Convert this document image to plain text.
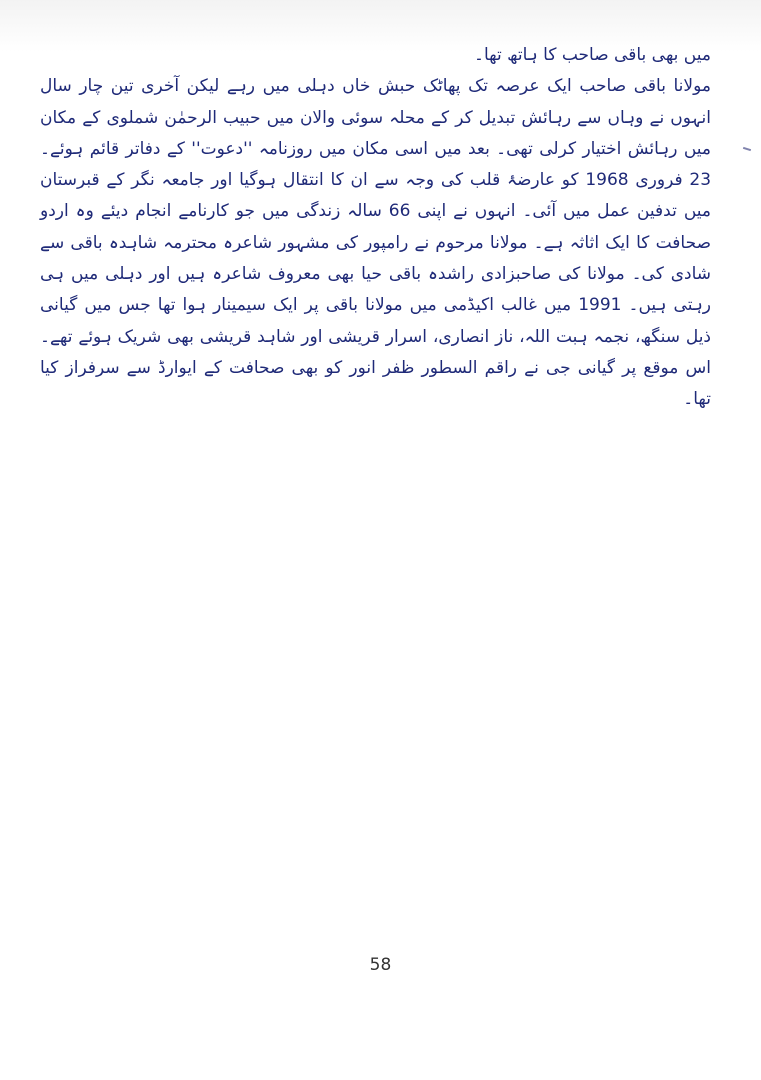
میں بھی باقی صاحب کا ہاتھ تھا۔

مولانا باقی صاحب ایک عرصہ تک پھاٹک حبش خاں دہلی میں رہے لیکن آخری تین چار سال انہوں نے وہاں سے رہائش تبدیل کر کے محلہ سوئی والان میں حبیب الرحمٰن شملوی کے مکان میں رہائش اختیار کرلی تھی۔ بعد میں اسی مکان میں روزنامہ ''دعوت'' کے دفاتر قائم ہوئے۔ 23 فروری 1968 کو عارضۂ قلب کی وجہ سے ان کا انتقال ہوگیا اور جامعہ نگر کے قبرستان میں تدفین عمل میں آئی۔ انہوں نے اپنی 66 سالہ زندگی میں جو کارنامے انجام دیئے وہ اردو صحافت کا ایک اثاثہ ہے۔ مولانا مرحوم نے رامپور کی مشہور شاعرہ محترمہ شاہدہ باقی سے شادی کی۔ مولانا کی صاحبزادی راشدہ باقی حیا بھی معروف شاعرہ ہیں اور دہلی میں ہی رہتی ہیں۔ 1991 میں غالب اکیڈمی میں مولانا باقی پر ایک سیمینار ہوا تھا جس میں گیانی ذیل سنگھ، نجمہ ہبت اللہ، ناز انصاری، اسرار قریشی اور شاہد قریشی بھی شریک ہوئے تھے۔ اس موقع پر گیانی جی نے راقم السطور ظفر انور کو بھی صحافت کے ایوارڈ سے سرفراز کیا تھا۔

58
